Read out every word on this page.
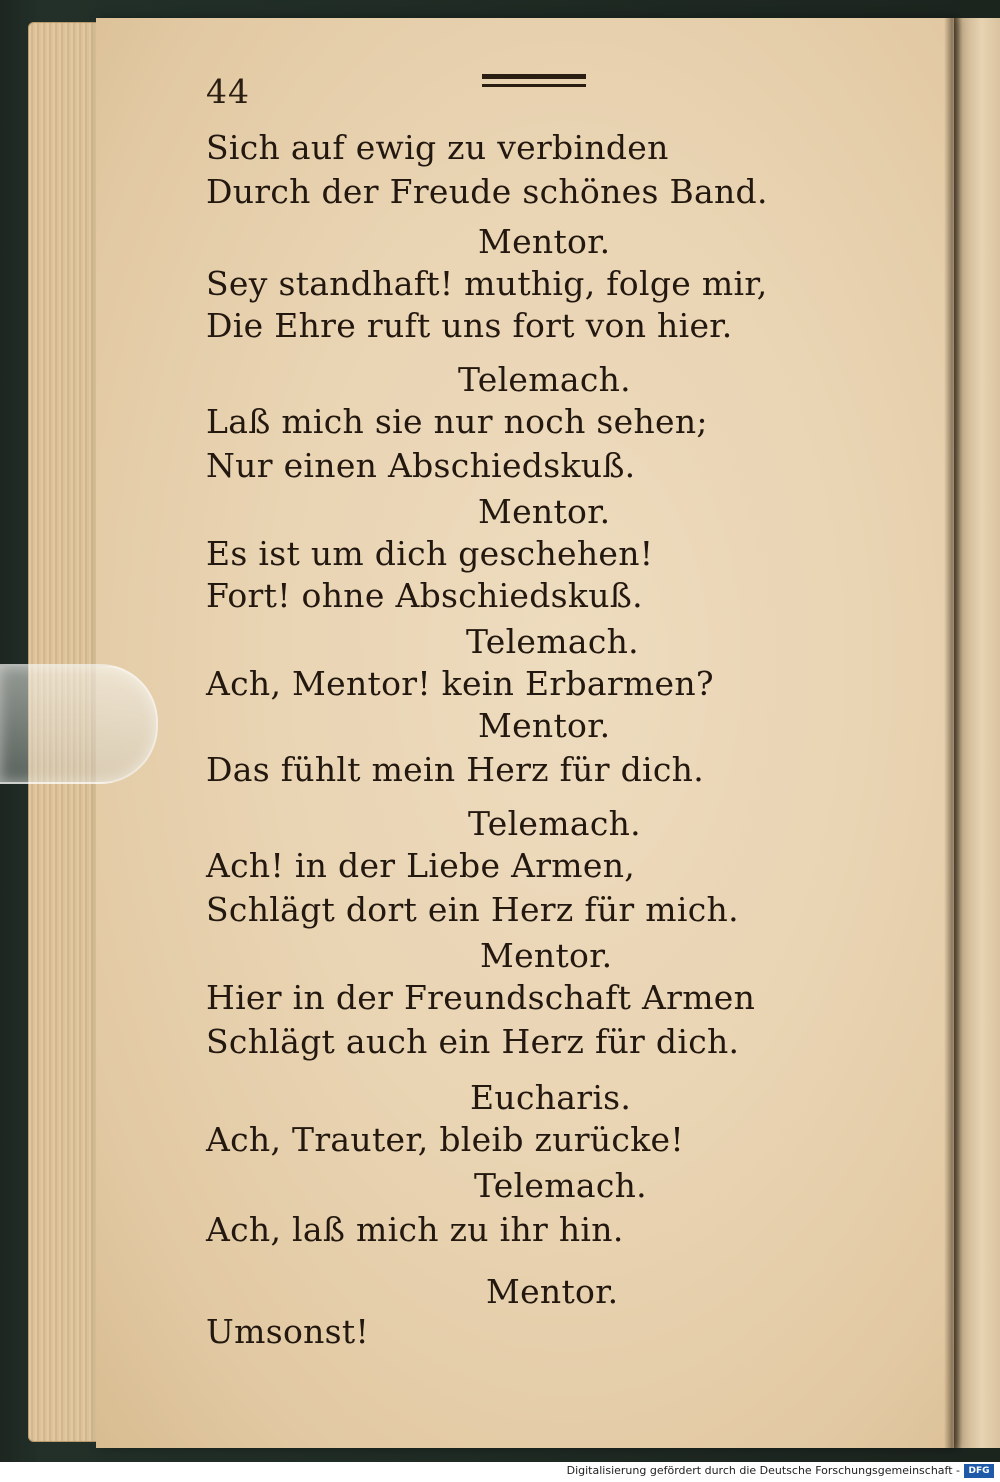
44
Sich auf ewig zu verbinden
Durch der Freude schönes Band.
Mentor.
Sey standhaft! muthig, folge mir,
Die Ehre ruft uns fort von hier.
Telemach.
Laß mich sie nur noch sehen;
Nur einen Abschiedskuß.
Mentor.
Es ist um dich geschehen!
Fort! ohne Abschiedskuß.
Telemach.
Ach, Mentor! kein Erbarmen?
Mentor.
Das fühlt mein Herz für dich.
Telemach.
Ach! in der Liebe Armen,
Schlägt dort ein Herz für mich.
Mentor.
Hier in der Freundschaft Armen
Schlägt auch ein Herz für dich.
Eucharis.
Ach, Trauter, bleib zurücke!
Telemach.
Ach, laß mich zu ihr hin.
Mentor.
Umsonst!
Digitalisierung gefördert durch die Deutsche Forschungsgemeinschaft - DFG
